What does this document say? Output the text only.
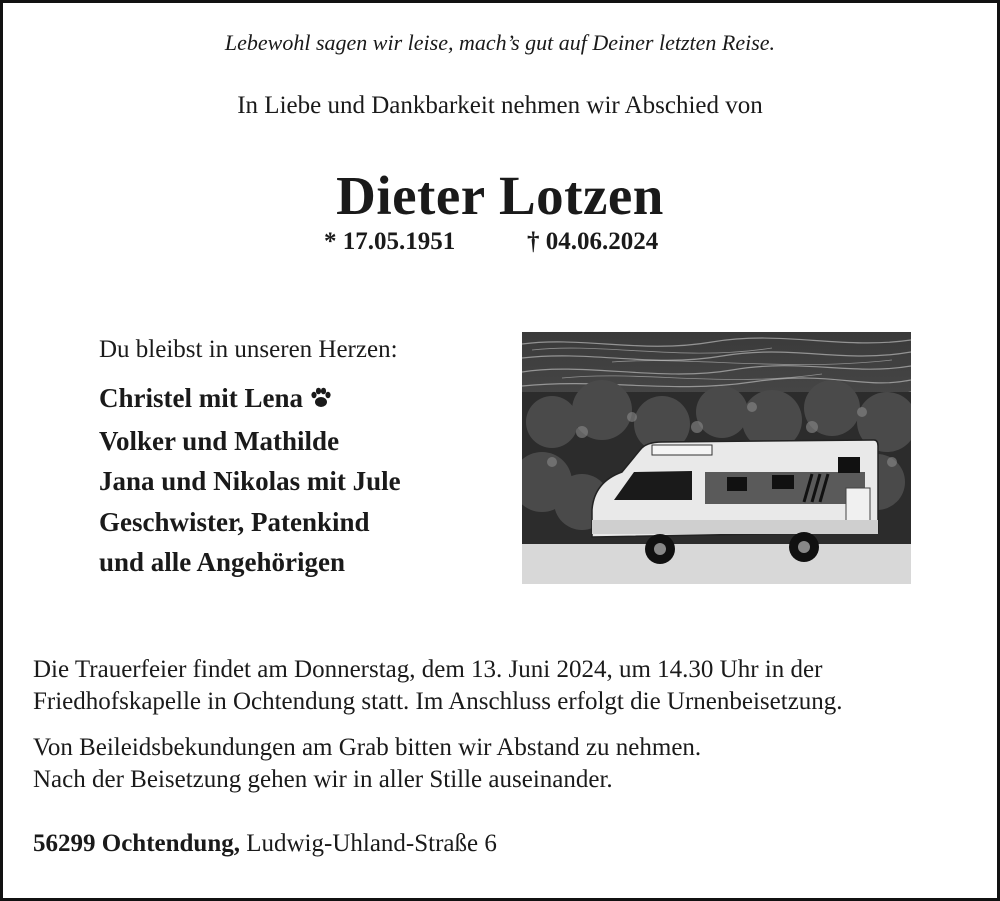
Lebewohl sagen wir leise, mach’s gut auf Deiner letzten Reise.
In Liebe und Dankbarkeit nehmen wir Abschied von
Dieter Lotzen
* 17.05.1951	† 04.06.2024
Du bleibst in unseren Herzen:
Christel mit Lena
Volker und Mathilde
Jana und Nikolas mit Jule
Geschwister, Patenkind
und alle Angehörigen
Die Trauerfeier findet am Donnerstag, dem 13. Juni 2024, um 14.30 Uhr in der
Friedhofskapelle in Ochtendung statt. Im Anschluss erfolgt die Urnenbeisetzung.
Von Beileidsbekundungen am Grab bitten wir Abstand zu nehmen.
Nach der Beisetzung gehen wir in aller Stille auseinander.
56299 Ochtendung, Ludwig-Uhland-Straße 6
